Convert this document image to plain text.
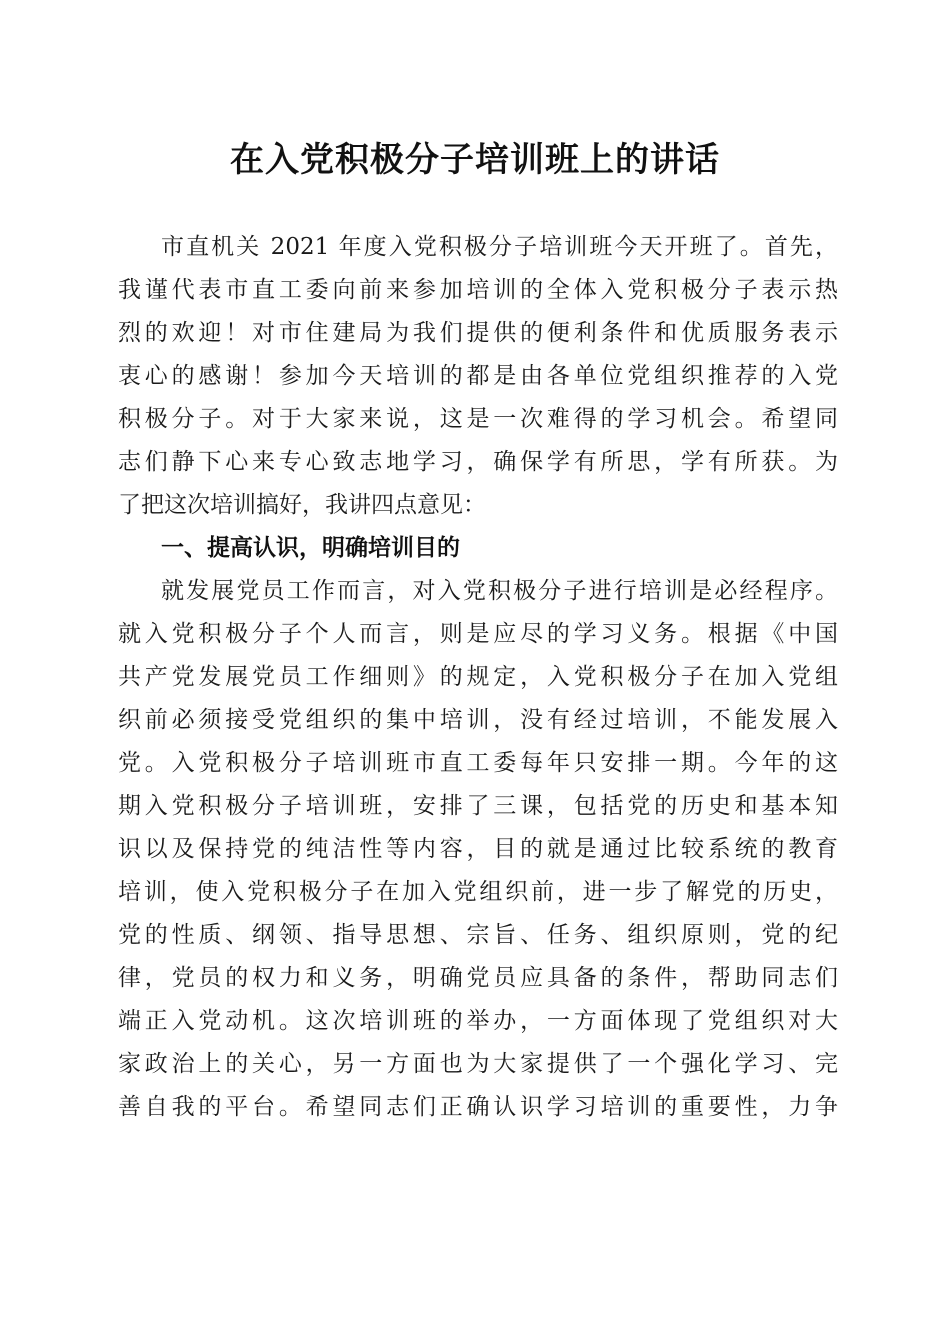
在入党积极分子培训班上的讲话
市直机关 2021 年度入党积极分子培训班今天开班了。首先，
我谨代表市直工委向前来参加培训的全体入党积极分子表示热
烈的欢迎！对市住建局为我们提供的便利条件和优质服务表示
衷心的感谢！参加今天培训的都是由各单位党组织推荐的入党
积极分子。对于大家来说，这是一次难得的学习机会。希望同
志们静下心来专心致志地学习，确保学有所思，学有所获。为
了把这次培训搞好，我讲四点意见：
一、提高认识，明确培训目的
就发展党员工作而言，对入党积极分子进行培训是必经程序。
就入党积极分子个人而言，则是应尽的学习义务。根据《中国
共产党发展党员工作细则》的规定，入党积极分子在加入党组
织前必须接受党组织的集中培训，没有经过培训，不能发展入
党。入党积极分子培训班市直工委每年只安排一期。今年的这
期入党积极分子培训班，安排了三课，包括党的历史和基本知
识以及保持党的纯洁性等内容，目的就是通过比较系统的教育
培训，使入党积极分子在加入党组织前，进一步了解党的历史，
党的性质、纲领、指导思想、宗旨、任务、组织原则，党的纪
律，党员的权力和义务，明确党员应具备的条件，帮助同志们
端正入党动机。这次培训班的举办，一方面体现了党组织对大
家政治上的关心，另一方面也为大家提供了一个强化学习、完
善自我的平台。希望同志们正确认识学习培训的重要性，力争
